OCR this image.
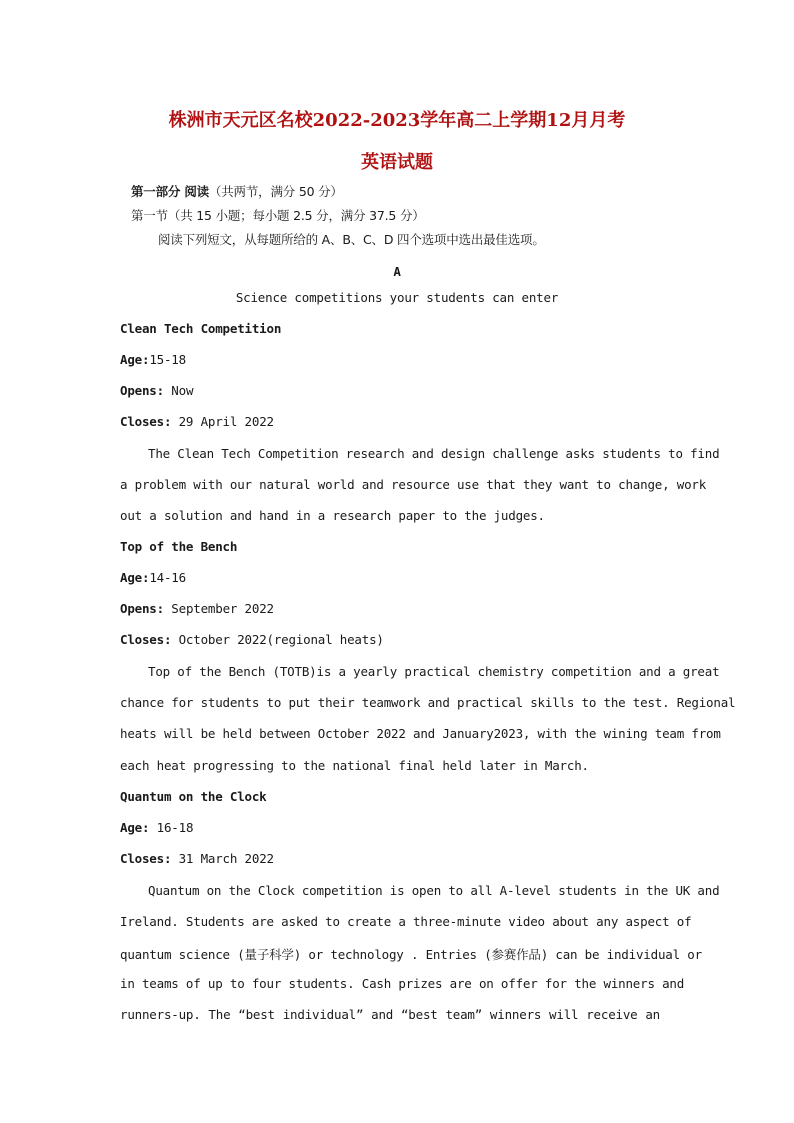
株洲市天元区名校2022-2023学年高二上学期12月月考
英语试题
第一部分 阅读（共两节，满分 50 分）
第一节（共 15 小题；每小题 2.5 分，满分 37.5 分）
阅读下列短文，从每题所给的 A、B、C、D 四个选项中选出最佳选项。
A
Science competitions your students can enter
Clean Tech Competition
Age:15-18
Opens: Now
Closes: 29 April 2022
The Clean Tech Competition research and design challenge asks students to find
a problem with our natural world and resource use that they want to change, work
out a solution and hand in a research paper to the judges.
Top of the Bench
Age:14-16
Opens: September 2022
Closes: October 2022(regional heats)
Top of the Bench (TOTB)is a yearly practical chemistry competition and a great
chance for students to put their teamwork and practical skills to the test. Regional
heats will be held between October 2022 and January2023, with the wining team from
each heat progressing to the national final held later in March.
Quantum on the Clock
Age: 16-18
Closes: 31 March 2022
Quantum on the Clock competition is open to all A-level students in the UK and
Ireland. Students are asked to create a three-minute video about any aspect of
quantum science (量子科学) or technology . Entries (参赛作品) can be individual or
in teams of up to four students. Cash prizes are on offer for the winners and
runners-up. The “best individual” and “best team” winners will receive an
